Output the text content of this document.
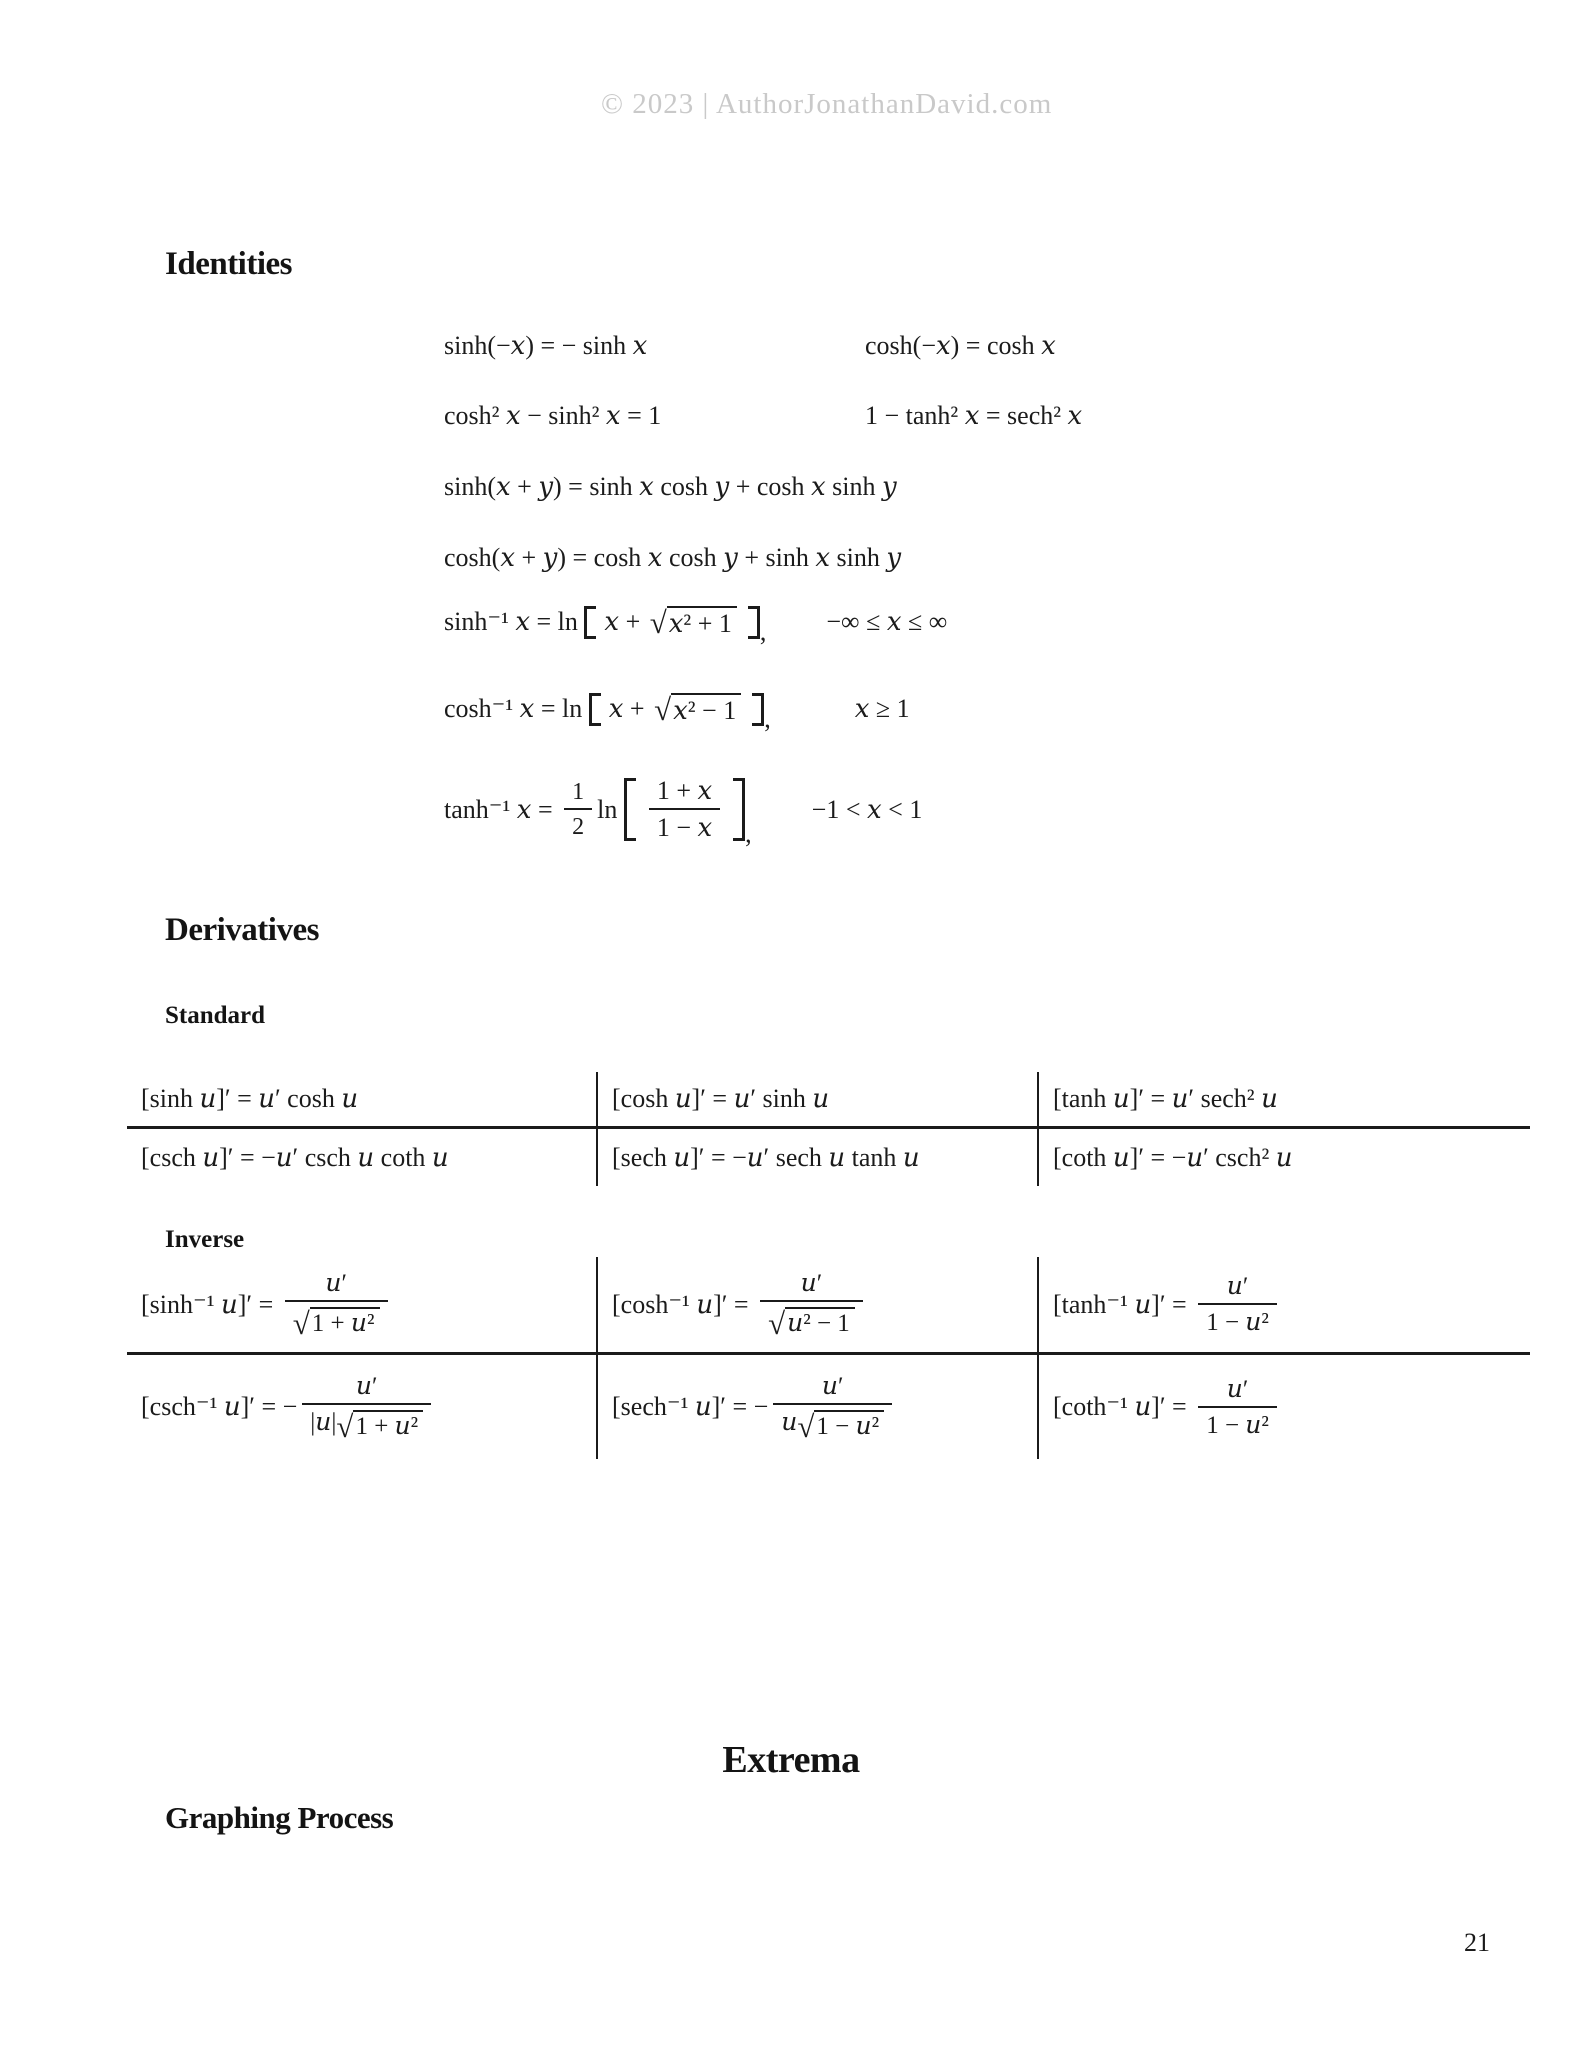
© 2023 | AuthorJonathanDavid.com
Identities
sinh(−𝑥) = − sinh 𝑥	cosh(−𝑥) = cosh 𝑥
cosh² 𝑥 − sinh² 𝑥 = 1	1 − tanh² 𝑥 = sech² 𝑥
sinh(𝑥 + 𝑦) = sinh 𝑥 cosh 𝑦 + cosh 𝑥 sinh 𝑦
cosh(𝑥 + 𝑦) = cosh 𝑥 cosh 𝑦 + sinh 𝑥 sinh 𝑦
sinh⁻¹ 𝑥 = ln 𝑥 + √ 𝑥² + 1 , −∞ ≤ 𝑥 ≤ ∞
cosh⁻¹ 𝑥 = ln 𝑥 + √ 𝑥² − 1 ,	𝑥 ≥ 1
tanh⁻¹ 𝑥 = $\frac{1}{2}$ $\ln \frac{\text{1 + 𝑥}}{\text{1 − 𝑥}}$ ,
−1 < 𝑥 < 1
Derivatives
Standard
[sinh 𝑢]′ = 𝑢′ cosh 𝑢	[cosh 𝑢]′ = 𝑢′ sinh 𝑢	[tanh 𝑢]′ = 𝑢′ sech² 𝑢
[csch 𝑢]′ = −𝑢′ csch 𝑢 coth 𝑢	[sech 𝑢]′ = −𝑢′ sech 𝑢 tanh 𝑢	[coth 𝑢]′ = −𝑢′ csch² 𝑢
Inverse
[sinh⁻¹ 𝑢]′ = $\frac{\text{𝑢′}}{\text{√ 1 + 𝑢²}}$	[cosh⁻¹ 𝑢]′ = $\frac{\text{𝑢′}}{\text{√ 𝑢² − 1}}$	[tanh⁻¹ 𝑢]′ = $\frac{\text{𝑢′}}{\text{1 − 𝑢²}}$
[csch⁻¹ 𝑢]′ = − $\frac{\text{𝑢′}}{\text{|𝑢| √ 1 + 𝑢²}}$	[sech⁻¹ 𝑢]′ = − $\frac{\text{𝑢′}}{\text{𝑢 √ 1 − 𝑢²}}$	[coth⁻¹ 𝑢]′ = $\frac{\text{𝑢′}}{\text{1 − 𝑢²}}$
Extrema
Graphing Process
21
